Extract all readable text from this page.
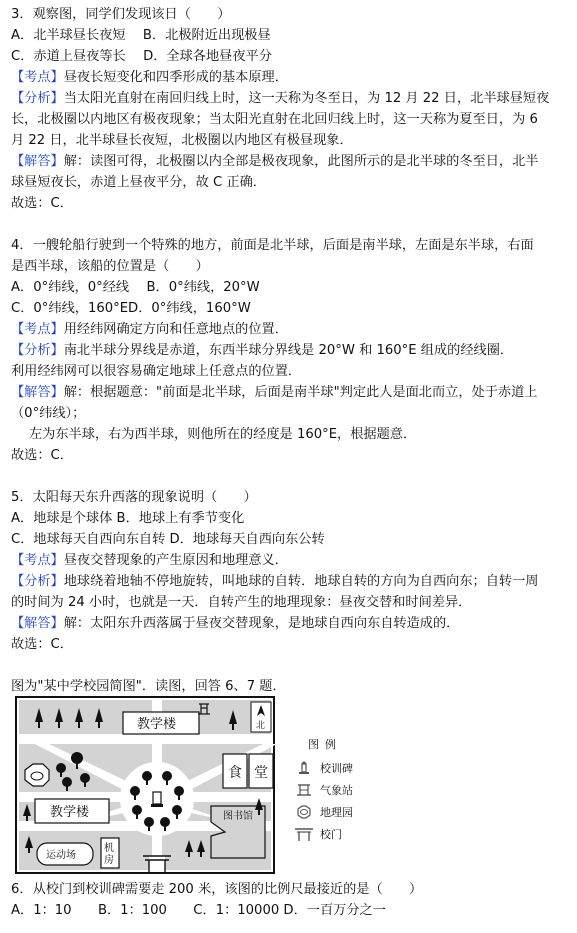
3．观察图，同学们发现该日（　　）
A．北半球昼长夜短　 B．北极附近出现极昼
C．赤道上昼夜等长　 D．全球各地昼夜平分
【考点】昼夜长短变化和四季形成的基本原理．
【分析】当太阳光直射在南回归线上时，这一天称为冬至日，为 12 月 22 日，北半球昼短夜
长，北极圈以内地区有极夜现象；当太阳光直射在北回归线上时，这一天称为夏至日，为 6
月 22 日，北半球昼长夜短，北极圈以内地区有极昼现象．
【解答】解：读图可得，北极圈以内全部是极夜现象，此图所示的是北半球的冬至日，北半
球昼短夜长，赤道上昼夜平分，故 C 正确．
故选：C．
4．一艘轮船行驶到一个特殊的地方，前面是北半球，后面是南半球，左面是东半球，右面
是西半球，该船的位置是（　　）
A．0°纬线，0°经线　 B．0°纬线，20°W
C．0°纬线，160°ED．0°纬线，160°W
【考点】用经纬网确定方向和任意地点的位置．
【分析】南北半球分界线是赤道，东西半球分界线是 20°W 和 160°E 组成的经线圈．
利用经纬网可以很容易确定地球上任意点的位置．
【解答】解：根据题意："前面是北半球，后面是南半球"判定此人是面北而立，处于赤道上
（0°纬线）；
左为东半球，右为西半球，则他所在的经度是 160°E，根据题意．
故选：C．
5．太阳每天东升西落的现象说明（　　）
A．地球是个球体 B．地球上有季节变化
C．地球每天自西向东自转 D．地球每天自西向东公转
【考点】昼夜交替现象的产生原因和地理意义．
【分析】地球绕着地轴不停地旋转，叫地球的自转．地球自转的方向为自西向东；自转一周
的时间为 24 小时，也就是一天．自转产生的地理现象：昼夜交替和时间差异．
【解答】解：太阳东升西落属于昼夜交替现象，是地球自西向东自转造成的．
故选：C．
图为"某中学校园简图"．读图，回答 6、7 题．
教学楼
教学楼
食 堂
图书馆
运动场
机
房
北
图例
校训碑
气象站
地理园
校门
6．从校门到校训碑需要走 200 米，该图的比例尺最接近的是（　　）
A．1：10　　B．1：100　　C．1：10000 D．一百万分之一
